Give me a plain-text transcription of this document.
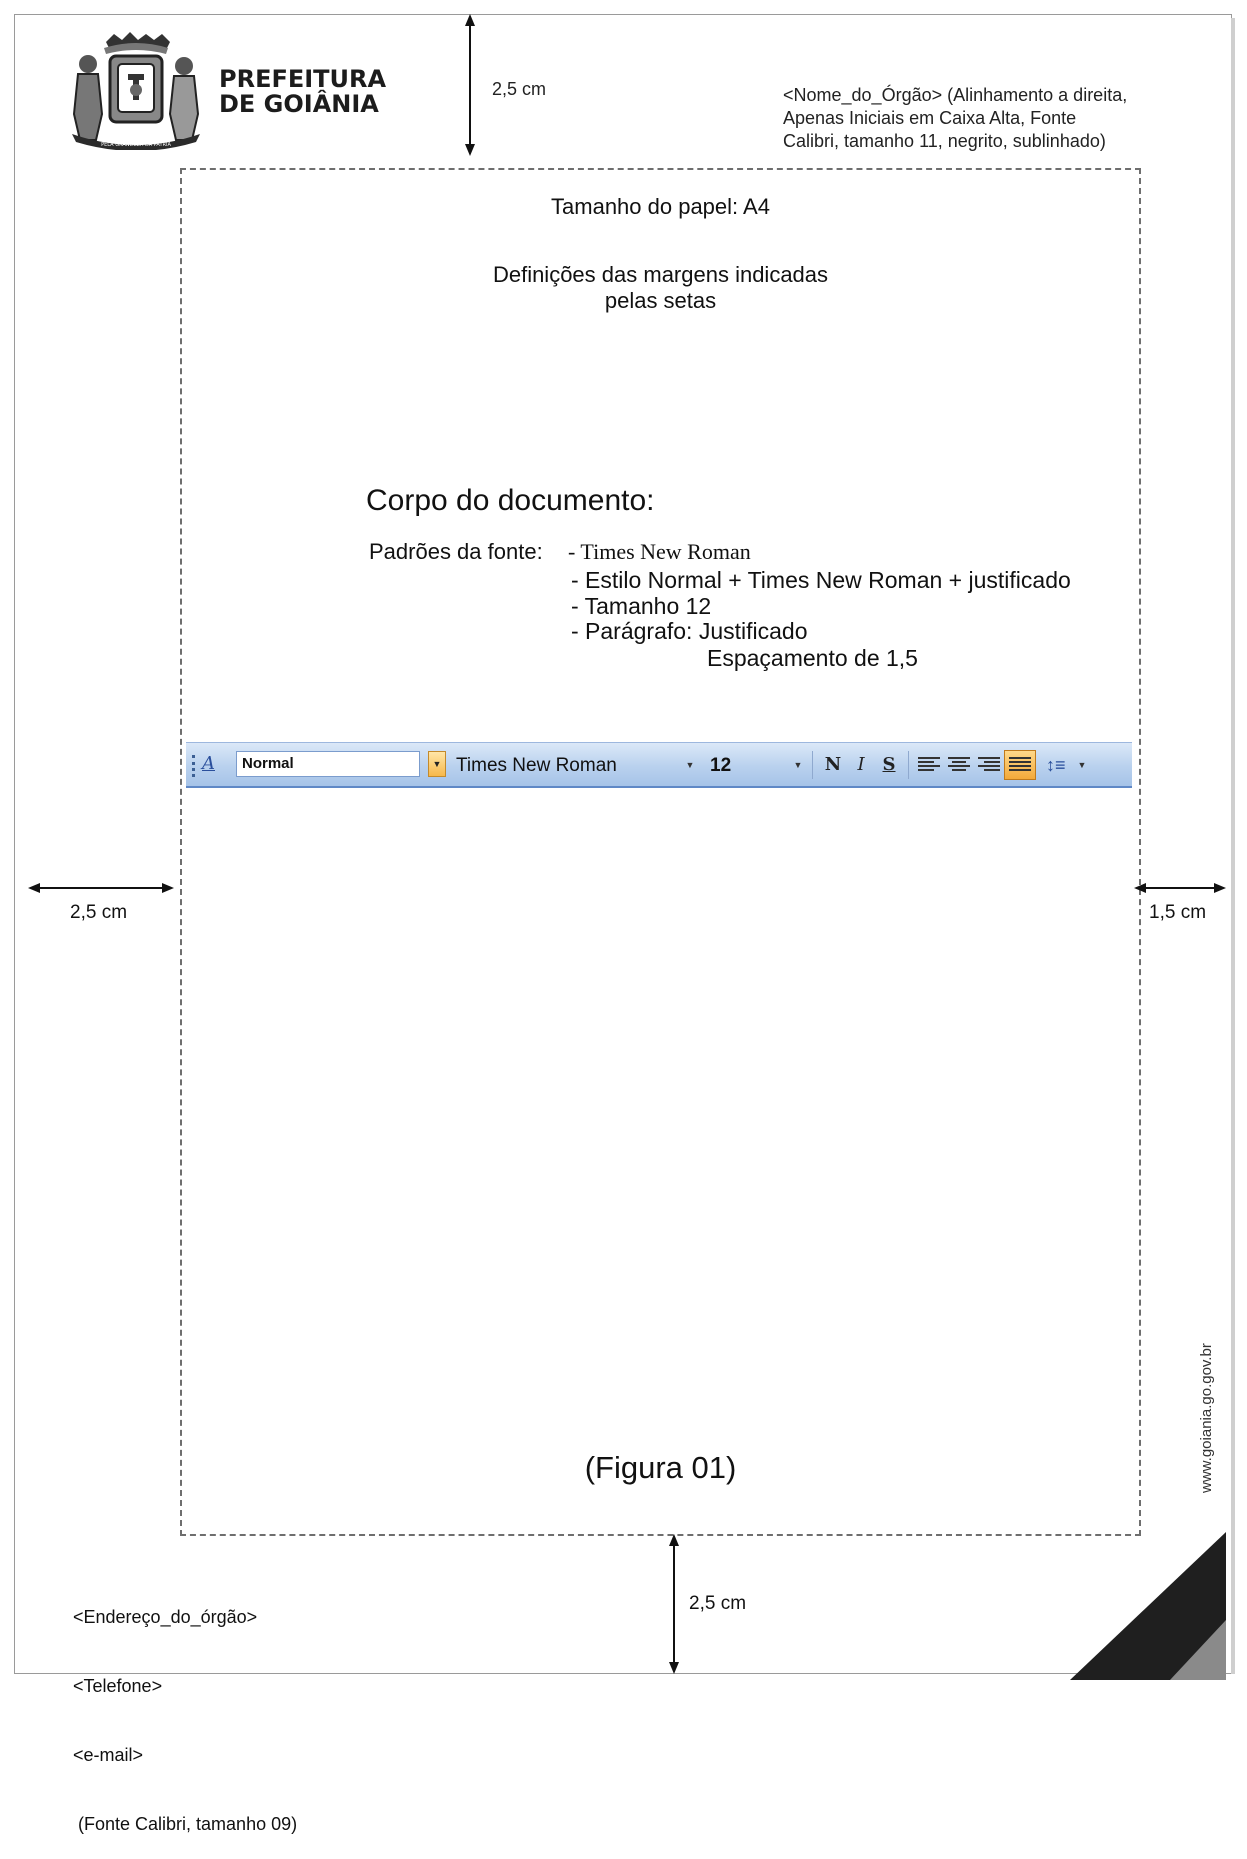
PELA GRANDEZA DA PÁTRIA
PREFEITURA
DE GOIÂNIA
2,5 cm	<Nome_do_Órgão> (Alinhamento a direita,
Apenas Iniciais em Caixa Alta, Fonte
Calibri, tamanho 11, negrito, sublinhado)
Tamanho do papel: A4
Definições das margens indicadas
pelas setas
Corpo do documento:
Padrões da fonte: - Times New Roman
- Estilo Normal + Times New Roman + justificado
- Tamanho 12
- Parágrafo: Justificado
Espaçamento de 1,5
A	Normal	▼ Times New Roman	▼ 12	▼ N I S	↕≡	▼
2,5 cm	1,5 cm
www.goiania.go.gov.br
(Figura 01)
2,5 cm

<Endereço_do_órgão>

<Telefone>

<e-mail>

(Fonte Calibri, tamanho 09)
